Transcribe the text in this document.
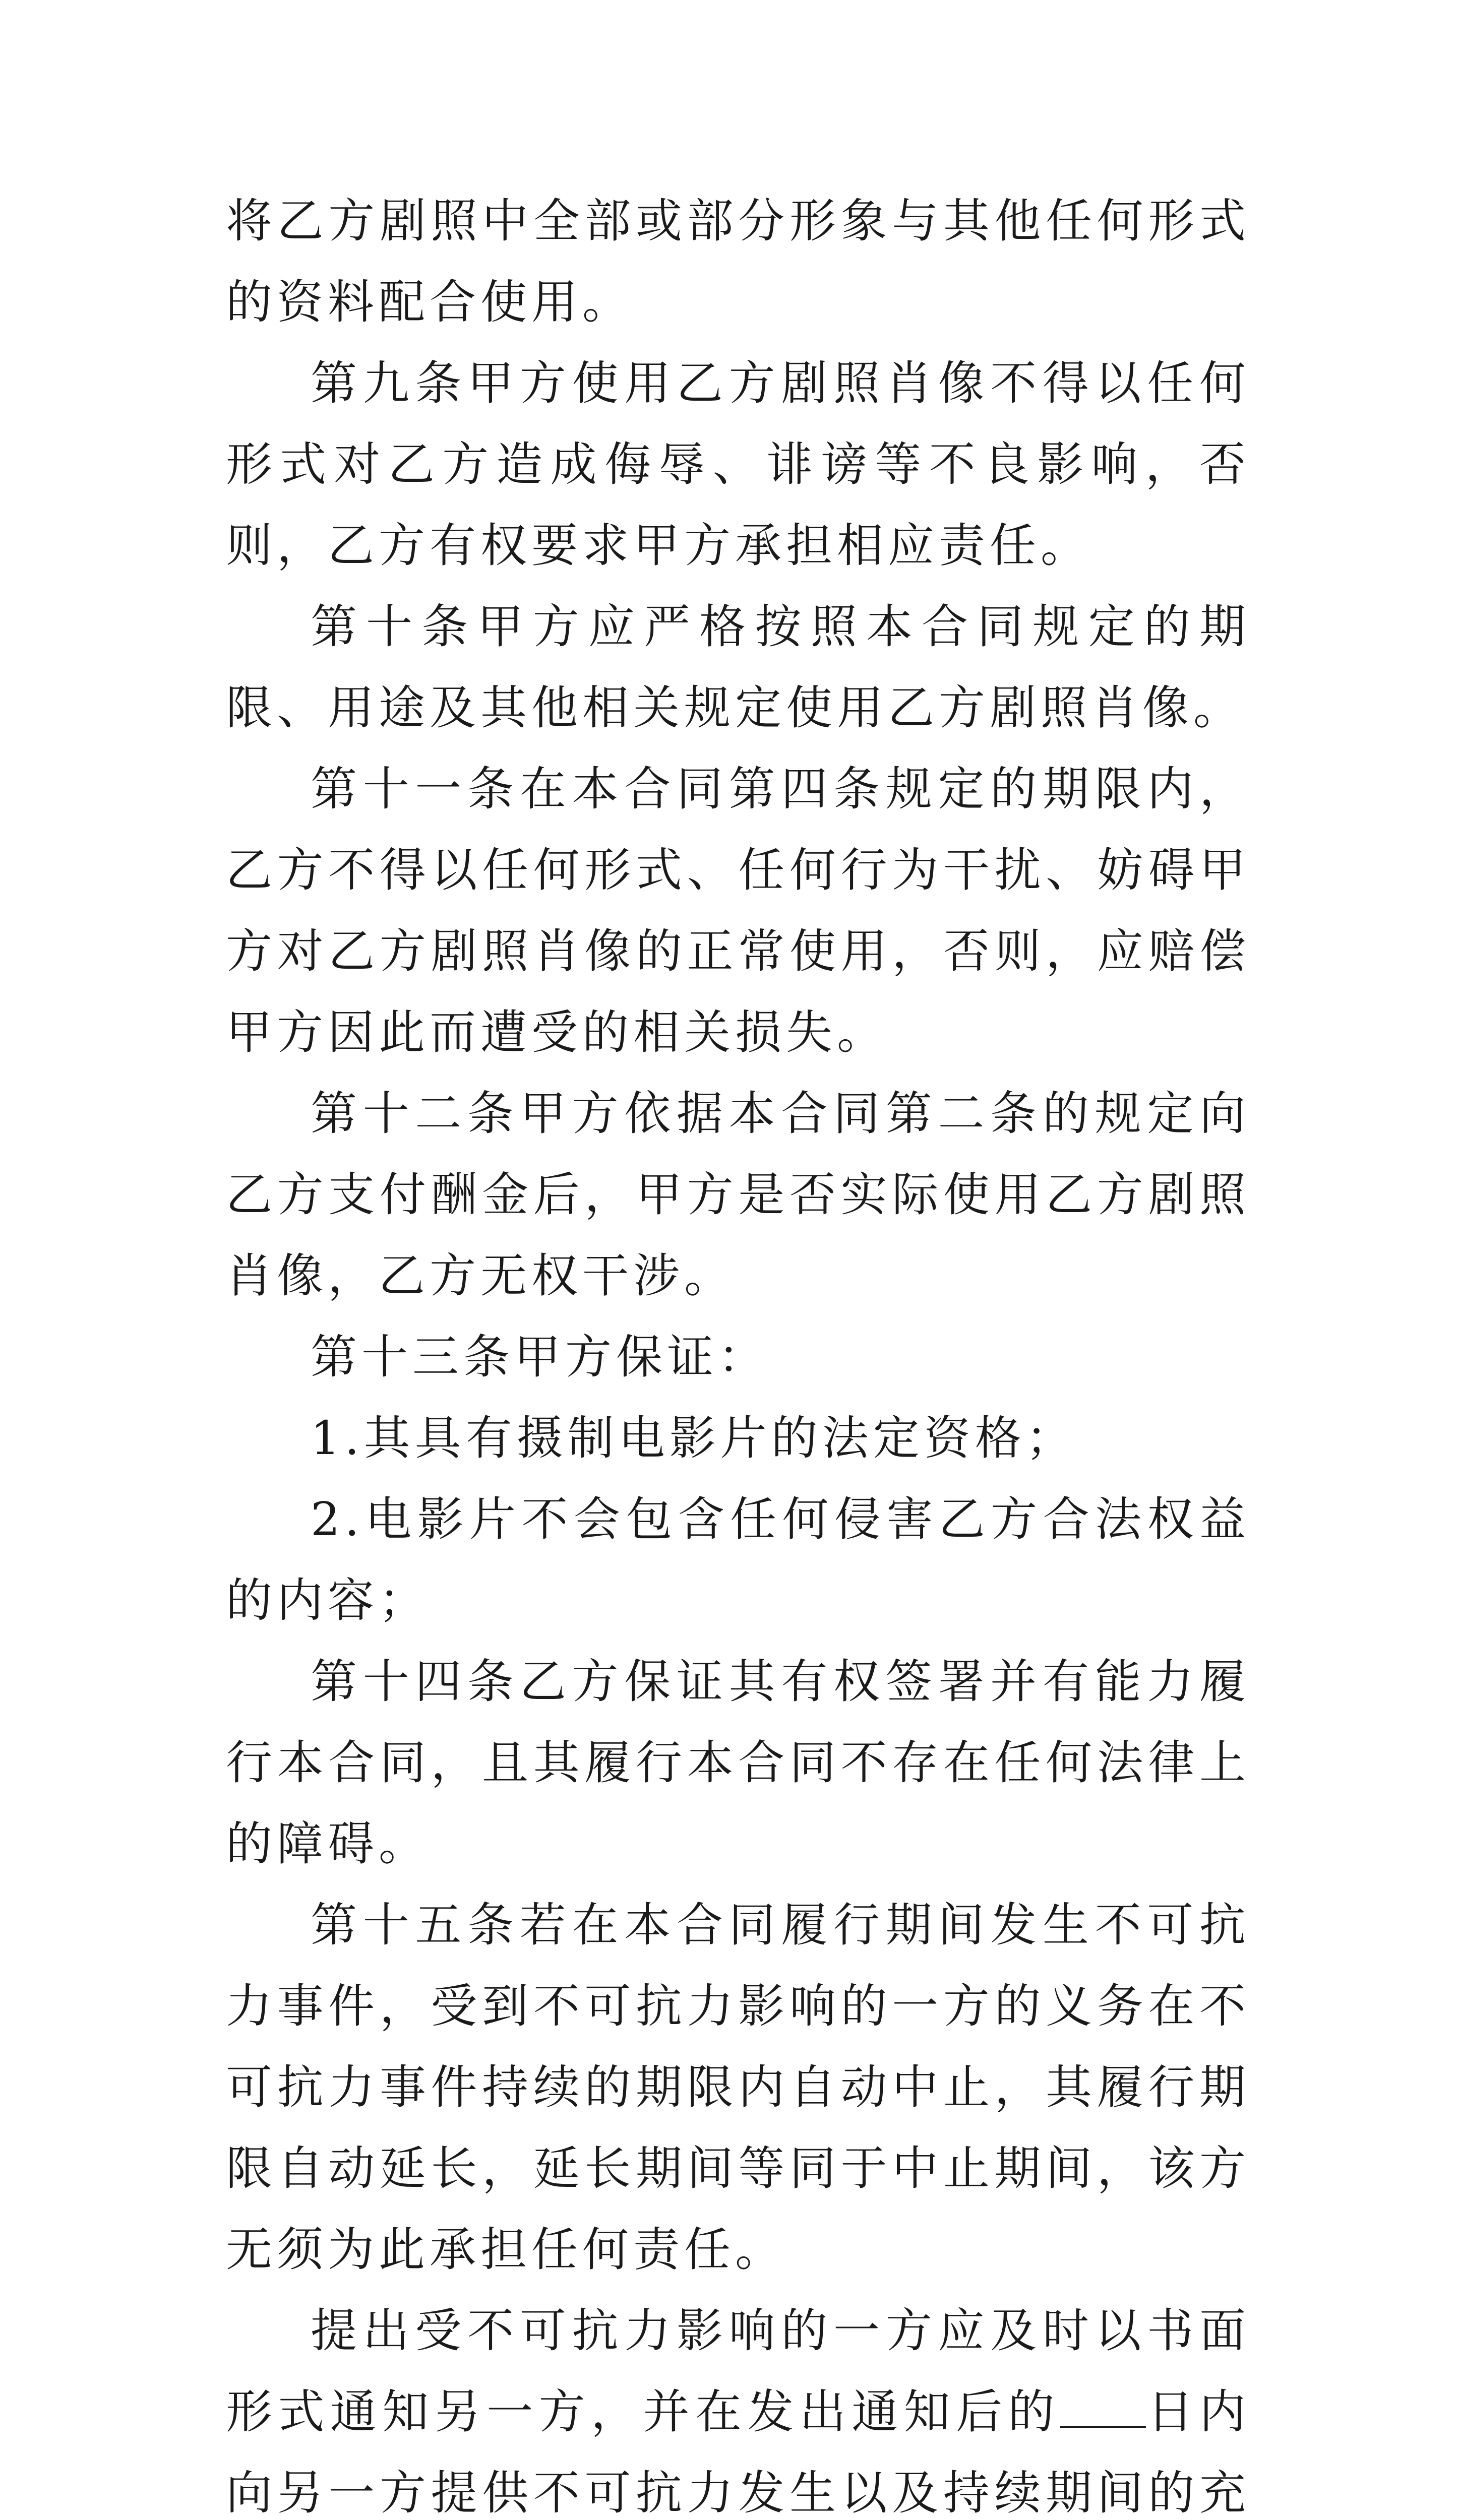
将乙方剧照中全部或部分形象与其他任何形式的资料配合使用。

第九条甲方使用乙方剧照肖像不得以任何形式对乙方造成侮辱、诽谤等不良影响，否则，乙方有权要求甲方承担相应责任。

第十条甲方应严格按照本合同规定的期限、用途及其他相关规定使用乙方剧照肖像。

第十一条在本合同第四条规定的期限内，乙方不得以任何形式、任何行为干扰、妨碍甲方对乙方剧照肖像的正常使用，否则，应赔偿甲方因此而遭受的相关损失。

第十二条甲方依据本合同第二条的规定向乙方支付酬金后，甲方是否实际使用乙方剧照肖像，乙方无权干涉。

第十三条甲方保证：

1.其具有摄制电影片的法定资格；

2.电影片不会包含任何侵害乙方合法权益的内容；

第十四条乙方保证其有权签署并有能力履行本合同，且其履行本合同不存在任何法律上的障碍。

第十五条若在本合同履行期间发生不可抗力事件，受到不可抗力影响的一方的义务在不可抗力事件持续的期限内自动中止，其履行期限自动延长，延长期间等同于中止期间，该方无须为此承担任何责任。

提出受不可抗力影响的一方应及时以书面形式通知另一方，并在发出通知后的 日内向另一方提供不可抗力发生以及持续期间的充
